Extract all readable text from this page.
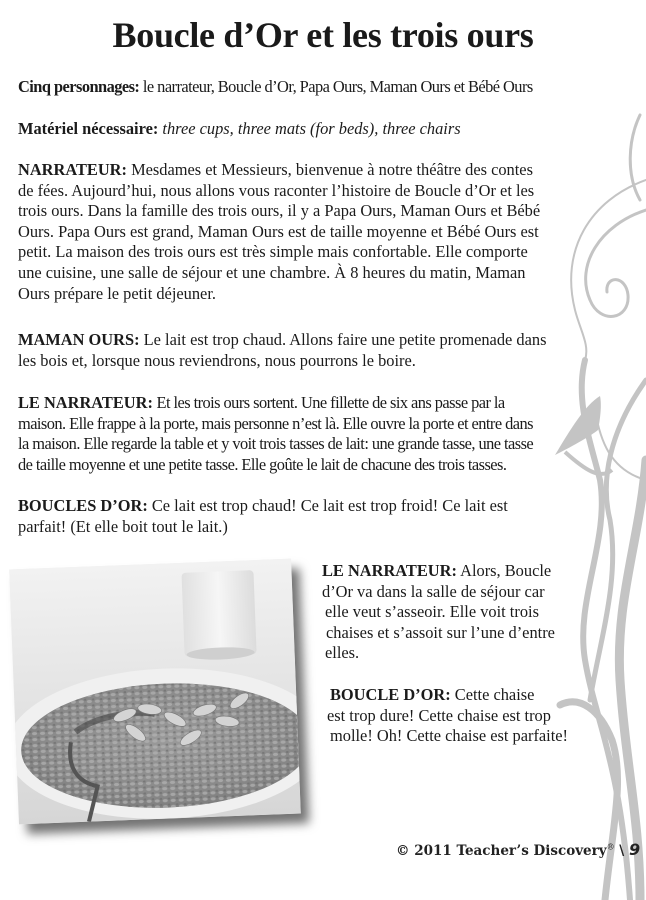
Boucle d’Or et les trois ours

Cinq personnages: le narrateur, Boucle d’Or, Papa Ours, Maman Ours et Bébé Ours

Matériel nécessaire: three cups, three mats (for beds), three chairs

NARRATEUR: Mesdames et Messieurs, bienvenue à notre théâtre des contes
de fées. Aujourd’hui, nous allons vous raconter l’histoire de Boucle d’Or et les
trois ours. Dans la famille des trois ours, il y a Papa Ours, Maman Ours et Bébé
Ours. Papa Ours est grand, Maman Ours est de taille moyenne et Bébé Ours est
petit. La maison des trois ours est très simple mais confortable. Elle comporte
une cuisine, une salle de séjour et une chambre. À 8 heures du matin, Maman
Ours prépare le petit déjeuner.
MAMAN OURS: Le lait est trop chaud. Allons faire une petite promenade dans
les bois et, lorsque nous reviendrons, nous pourrons le boire.
LE NARRATEUR: Et les trois ours sortent. Une fillette de six ans passe par la
maison. Elle frappe à la porte, mais personne n’est là. Elle ouvre la porte et entre dans
la maison. Elle regarde la table et y voit trois tasses de lait: une grande tasse, une tasse
de taille moyenne et une petite tasse. Elle goûte le lait de chacune des trois tasses.
BOUCLES D’OR: Ce lait est trop chaud! Ce lait est trop froid! Ce lait est
parfait! (Et elle boit tout le lait.)
LE NARRATEUR: Alors, Boucle
d’Or va dans la salle de séjour car
elle veut s’asseoir. Elle voit trois
chaises et s’assoit sur l’une d’entre
elles.
BOUCLE D’OR: Cette chaise
est trop dure! Cette chaise est trop
molle! Oh! Cette chaise est parfaite!
© 2011 Teacher’s Discovery® \ 9
